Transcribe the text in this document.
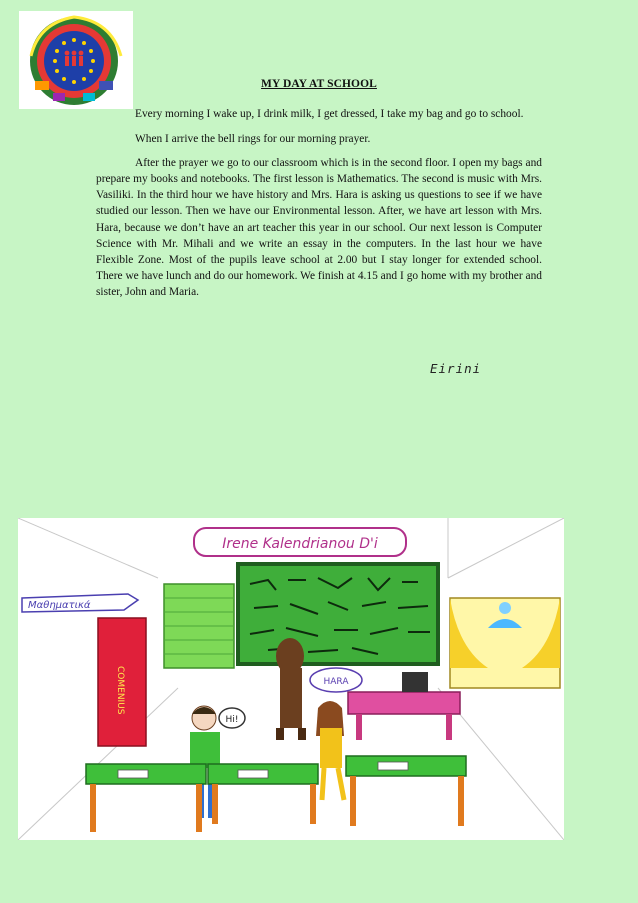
MY DAY AT SCHOOL

Every morning I wake up, I drink milk, I get dressed, I take my bag and go to school.

When I arrive the bell rings for our morning prayer.

After the prayer we go to our classroom which is in the second floor. I open my bags and prepare my books and notebooks. The first lesson is Mathematics. The second is music with Mrs. Vasiliki. In the third hour we have history and Mrs. Hara is asking us questions to see if we have studied our lesson. Then we have our Environmental lesson. After, we have art lesson with Mrs. Hara, because we don’t have an art teacher this year in our school. Our next lesson is Computer Science with Mr. Mihali and we write an essay in the computers. In the last hour we have Flexible Zone. Most of the pupils leave school at 2.00 but I stay longer for extended school. There we have lunch and do our homework. We finish at 4.15 and I go home with my brother and sister, John and Maria.

Eirini
Irene Kalendrianou D'i
Μαθηματικά
COMENIUS	HARA
Hi!
